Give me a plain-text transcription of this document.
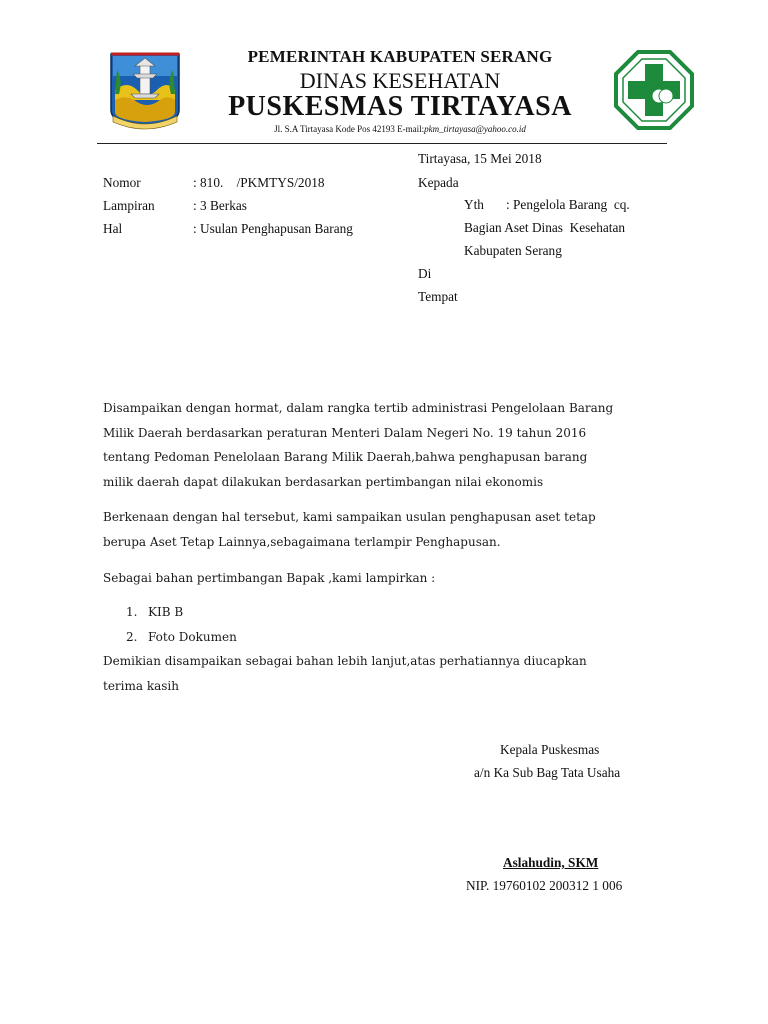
PEMERINTAH KABUPATEN SERANG
DINAS KESEHATAN
PUSKESMAS TIRTAYASA
Jl. S.A Tirtayasa Kode Pos 42193 E-mail:pkm_tirtayasa@yahoo.co.id
Tirtayasa, 15 Mei 2018
Nomor	: 810.    /PKMTYS/2018
Lampiran	: 3 Berkas
Hal	: Usulan Penghapusan Barang
Kepada
Yth : Pengelola Barang  cq.
Bagian Aset Dinas  Kesehatan
Kabupaten Serang
Di
Tempat
Disampaikan dengan hormat, dalam rangka tertib administrasi Pengelolaan Barang
Milik Daerah berdasarkan peraturan Menteri Dalam Negeri No. 19 tahun 2016
tentang Pedoman Penelolaan Barang Milik Daerah,bahwa penghapusan barang
milik daerah dapat dilakukan berdasarkan pertimbangan nilai ekonomis
Berkenaan dengan hal tersebut, kami sampaikan usulan penghapusan aset tetap
berupa Aset Tetap Lainnya,sebagaimana terlampir Penghapusan.
Sebagai bahan pertimbangan Bapak ,kami lampirkan :
1. KIB B
2. Foto Dokumen
Demikian disampaikan sebagai bahan lebih lanjut,atas perhatiannya diucapkan
terima kasih
Kepala Puskesmas
a/n Ka Sub Bag Tata Usaha
Aslahudin, SKM
NIP. 19760102 200312 1 006
